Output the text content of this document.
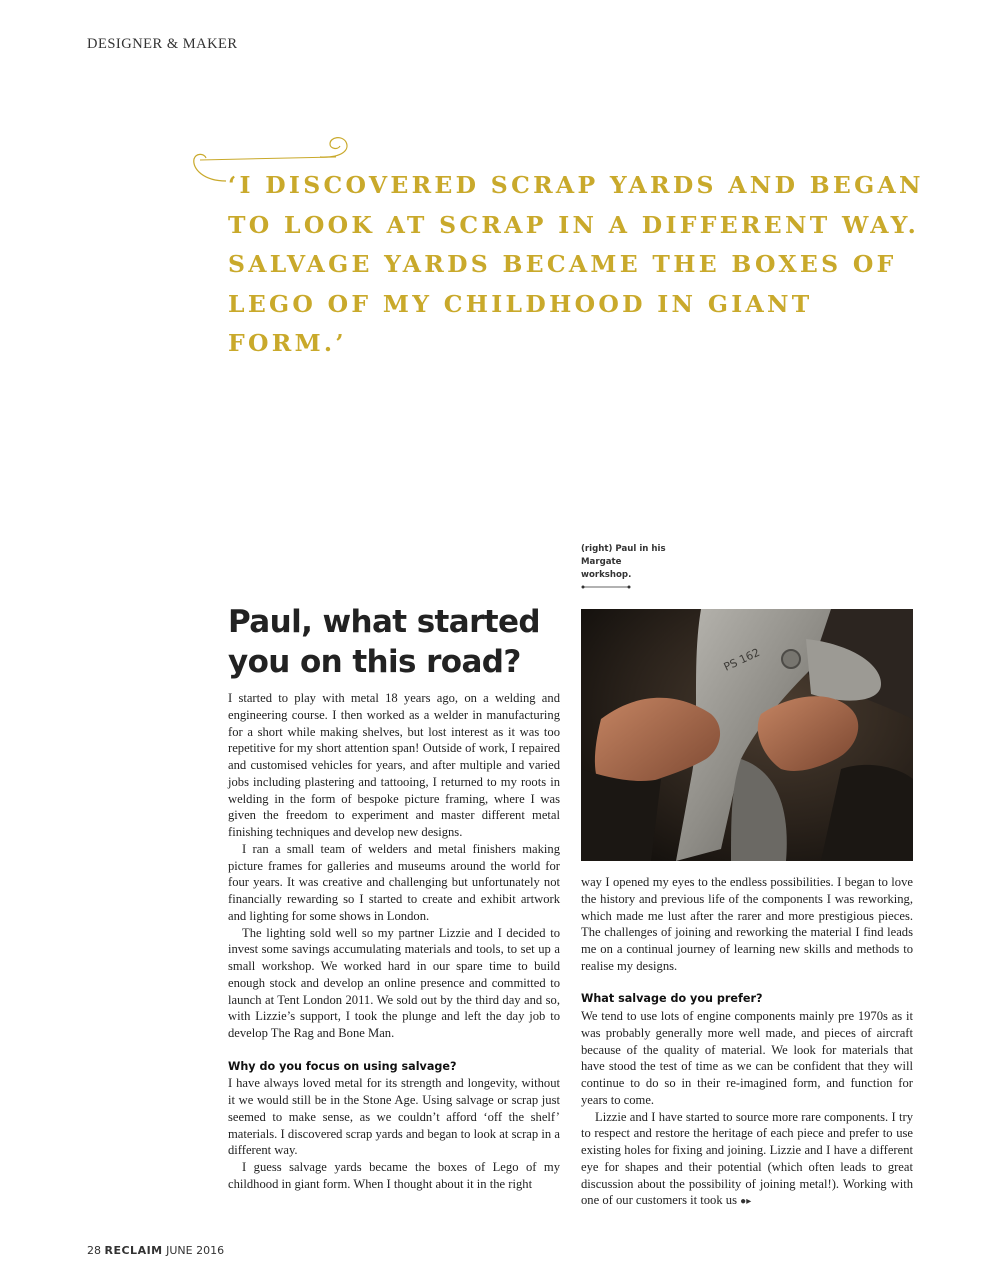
DESIGNER & MAKER

‘I DISCOVERED SCRAP YARDS AND BEGAN TO LOOK AT SCRAP IN A DIFFERENT WAY. SALVAGE YARDS BECAME THE BOXES OF LEGO OF MY CHILDHOOD IN GIANT FORM.’

(right) Paul in his Margate workshop.
PS 162
Paul, what started you on this road?

I started to play with metal 18 years ago, on a welding and engineering course. I then worked as a welder in manufacturing for a short while making shelves, but lost interest as it was too repetitive for my short attention span! Outside of work, I repaired and customised vehicles for years, and after multiple and varied jobs including plastering and tattooing, I returned to my roots in welding in the form of bespoke picture framing, where I was given the freedom to experiment and master different metal finishing techniques and develop new designs.

I ran a small team of welders and metal finishers making picture frames for galleries and museums around the world for four years. It was creative and challenging but unfortunately not financially rewarding so I started to create and exhibit artwork and lighting for some shows in London.

The lighting sold well so my partner Lizzie and I decided to invest some savings accumulating materials and tools, to set up a small workshop. We worked hard in our spare time to build enough stock and develop an online presence and committed to launch at Tent London 2011. We sold out by the third day and so, with Lizzie’s support, I took the plunge and left the day job to develop The Rag and Bone Man.

Why do you focus on using salvage?

I have always loved metal for its strength and longevity, without it we would still be in the Stone Age. Using salvage or scrap just seemed to make sense, as we couldn’t afford ‘off the shelf’ materials. I discovered scrap yards and began to look at scrap in a different way.

I guess salvage yards became the boxes of Lego of my childhood in giant form. When I thought about it in the right

way I opened my eyes to the endless possibilities. I began to love the history and previous life of the components I was reworking, which made me lust after the rarer and more prestigious pieces. The challenges of joining and reworking the material I find leads me on a continual journey of learning new skills and methods to realise my designs.

What salvage do you prefer?

We tend to use lots of engine components mainly pre 1970s as it was probably generally more well made, and pieces of aircraft because of the quality of material. We look for materials that have stood the test of time as we can be confident that they will continue to do so in their re-imagined form, and function for years to come.

Lizzie and I have started to source more rare components. I try to respect and restore the heritage of each piece and prefer to use existing holes for fixing and joining. Lizzie and I have a different eye for shapes and their potential (which often leads to great discussion about the possibility of joining metal!). Working with one of our customers it took us ●▸

28 RECLAIM JUNE 2016
